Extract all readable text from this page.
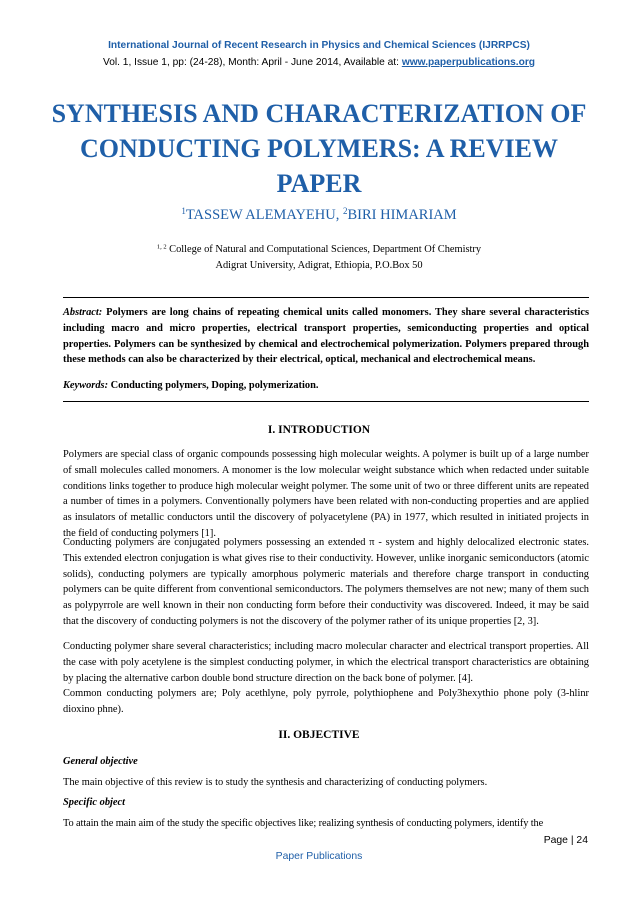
International Journal of Recent Research in Physics and Chemical Sciences (IJRRPCS)
Vol. 1, Issue 1, pp: (24-28), Month: April - June 2014, Available at: www.paperpublications.org
SYNTHESIS AND CHARACTERIZATION OF CONDUCTING POLYMERS: A REVIEW PAPER
$^1$TASSEW ALEMAYEHU, $^2$BIRI HIMARIAM
$^{1, 2}$ College of Natural and Computational Sciences, Department Of Chemistry
Adigrat University, Adigrat, Ethiopia, P.O.Box 50
Abstract: Polymers are long chains of repeating chemical units called monomers. They share several characteristics including macro and micro properties, electrical transport properties, semiconducting properties and optical properties. Polymers can be synthesized by chemical and electrochemical polymerization. Polymers prepared through these methods can also be characterized by their electrical, optical, mechanical and electrochemical means.
Keywords: Conducting polymers, Doping, polymerization.
I. INTRODUCTION
Polymers are special class of organic compounds possessing high molecular weights. A polymer is built up of a large number of small molecules called monomers. A monomer is the low molecular weight substance which when redacted under suitable conditions links together to produce high molecular weight polymer. The some unit of two or three different units are repeated a number of times in a polymers. Conventionally polymers have been related with non-conducting properties and are applied as insulators of metallic conductors until the discovery of polyacetylene (PA) in 1977, which resulted in initiated projects in the field of conducting polymers [1].
Conducting polymers are conjugated polymers possessing an extended π - system and highly delocalized electronic states. This extended electron conjugation is what gives rise to their conductivity. However, unlike inorganic semiconductors (atomic solids), conducting polymers are typically amorphous polymeric materials and therefore charge transport in conducting polymers can be quite different from conventional semiconductors. The polymers themselves are not new; many of them such as polypyrrole are well known in their non conducting form before their conductivity was discovered. Indeed, it may be said that the discovery of conducting polymers is not the discovery of the polymer rather of its unique properties [2, 3].
Conducting polymer share several characteristics; including macro molecular character and electrical transport properties. All the case with poly acetylene is the simplest conducting polymer, in which the electrical transport characteristics are obtaining by placing the alternative carbon double bond structure direction on the back bone of polymer. [4].
Common conducting polymers are; Poly acethlyne, poly pyrrole, polythiophene and Poly3hexythio phone poly (3-hlinr dioxino phne).
II. OBJECTIVE
General objective
The main objective of this review is to study the synthesis and characterizing of conducting polymers.
Specific object
To attain the main aim of the study the specific objectives like; realizing synthesis of conducting polymers, identify the
Page | 24
Paper Publications
